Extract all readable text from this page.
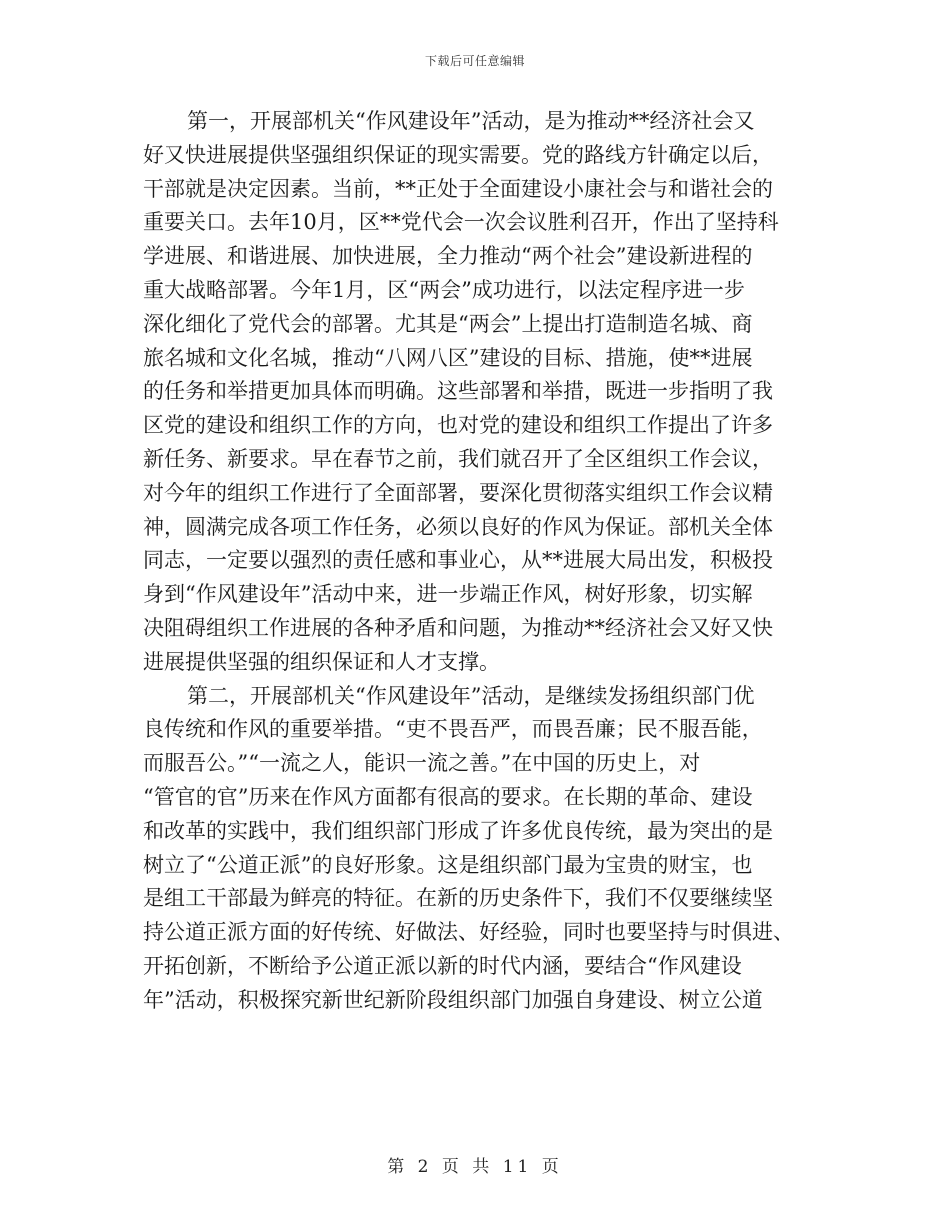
下载后可任意编辑
第一，开展部机关“作风建设年”活动，是为推动**经济社会又
好又快进展提供坚强组织保证的现实需要。党的路线方针确定以后，
干部就是决定因素。当前，**正处于全面建设小康社会与和谐社会的
重要关口。去年10月，区**党代会一次会议胜利召开，作出了坚持科
学进展、和谐进展、加快进展，全力推动“两个社会”建设新进程的
重大战略部署。今年1月，区“两会”成功进行，以法定程序进一步
深化细化了党代会的部署。尤其是“两会”上提出打造制造名城、商
旅名城和文化名城，推动“八网八区”建设的目标、措施，使**进展
的任务和举措更加具体而明确。这些部署和举措，既进一步指明了我
区党的建设和组织工作的方向，也对党的建设和组织工作提出了许多
新任务、新要求。早在春节之前，我们就召开了全区组织工作会议，
对今年的组织工作进行了全面部署，要深化贯彻落实组织工作会议精
神，圆满完成各项工作任务，必须以良好的作风为保证。部机关全体
同志，一定要以强烈的责任感和事业心，从**进展大局出发，积极投
身到“作风建设年”活动中来，进一步端正作风，树好形象，切实解
决阻碍组织工作进展的各种矛盾和问题，为推动**经济社会又好又快
进展提供坚强的组织保证和人才支撑。
第二，开展部机关“作风建设年”活动，是继续发扬组织部门优
良传统和作风的重要举措。“吏不畏吾严，而畏吾廉；民不服吾能，
而服吾公。”“一流之人，能识一流之善。”在中国的历史上，对
“管官的官”历来在作风方面都有很高的要求。在长期的革命、建设
和改革的实践中，我们组织部门形成了许多优良传统，最为突出的是
树立了“公道正派”的良好形象。这是组织部门最为宝贵的财宝，也
是组工干部最为鲜亮的特征。在新的历史条件下，我们不仅要继续坚
持公道正派方面的好传统、好做法、好经验，同时也要坚持与时俱进、
开拓创新，不断给予公道正派以新的时代内涵，要结合“作风建设
年”活动，积极探究新世纪新阶段组织部门加强自身建设、树立公道
第 2 页 共 11 页
